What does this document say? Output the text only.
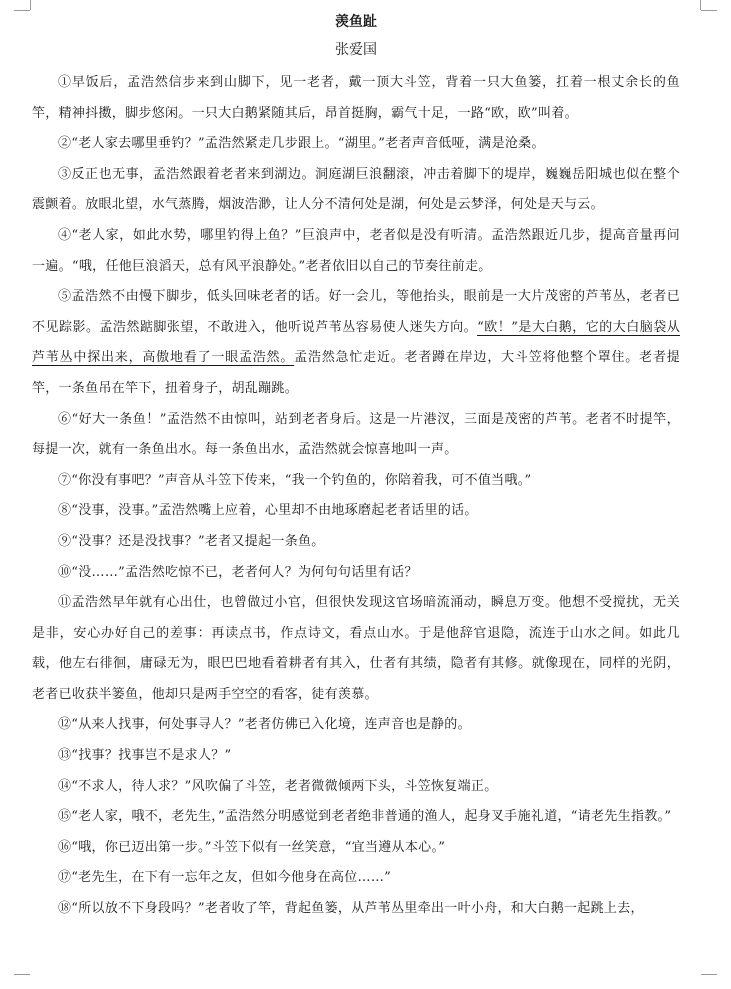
羡鱼趾
张爱国

①早饭后，孟浩然信步来到山脚下，见一老者，戴一顶大斗笠，背着一只大鱼篓，扛着一根丈余长的鱼竿，精神抖擞，脚步悠闲。一只大白鹅紧随其后，昂首挺胸，霸气十足，一路“欧，欧”叫着。

②“老人家去哪里垂钓？”孟浩然紧走几步跟上。“湖里。”老者声音低哑，满是沧桑。

③反正也无事，孟浩然跟着老者来到湖边。洞庭湖巨浪翻滚，冲击着脚下的堤岸，巍巍岳阳城也似在整个震颤着。放眼北望，水气蒸腾，烟波浩渺，让人分不清何处是湖，何处是云梦泽，何处是天与云。

④“老人家，如此水势，哪里钓得上鱼？”巨浪声中，老者似是没有听清。孟浩然跟近几步，提高音量再问一遍。“哦，任他巨浪滔天，总有风平浪静处。”老者依旧以自己的节奏往前走。

⑤孟浩然不由慢下脚步，低头回味老者的话。好一会儿，等他抬头，眼前是一大片茂密的芦苇丛，老者已不见踪影。孟浩然踮脚张望，不敢进入，他听说芦苇丛容易使人迷失方向。“欧！”是大白鹅，它的大白脑袋从芦苇丛中探出来，高傲地看了一眼孟浩然。孟浩然急忙走近。老者蹲在岸边，大斗笠将他整个罩住。老者提竿，一条鱼吊在竿下，扭着身子，胡乱蹦跳。

⑥“好大一条鱼！”孟浩然不由惊叫，站到老者身后。这是一片港汊，三面是茂密的芦苇。老者不时提竿，每提一次，就有一条鱼出水。每一条鱼出水，孟浩然就会惊喜地叫一声。

⑦“你没有事吧？”声音从斗笠下传来，“我一个钓鱼的，你陪着我，可不值当哦。”

⑧“没事，没事。”孟浩然嘴上应着，心里却不由地琢磨起老者话里的话。

⑨“没事？还是没找事？”老者又提起一条鱼。

⑩“没……”孟浩然吃惊不已，老者何人？为何句句话里有话？

⑪孟浩然早年就有心出仕，也曾做过小官，但很快发现这官场暗流涌动，瞬息万变。他想不受搅扰，无关是非，安心办好自己的差事：再读点书，作点诗文，看点山水。于是他辞官退隐，流连于山水之间。如此几载，他左右徘徊，庸碌无为，眼巴巴地看着耕者有其入，仕者有其绩，隐者有其修。就像现在，同样的光阴，老者已收获半篓鱼，他却只是两手空空的看客，徒有羡慕。

⑫“从来人找事，何处事寻人？”老者仿佛已入化境，连声音也是静的。

⑬“找事？找事岂不是求人？”

⑭“不求人，待人求？”风吹偏了斗笠，老者微微倾两下头，斗笠恢复端正。

⑮“老人家，哦不，老先生，”孟浩然分明感觉到老者绝非普通的渔人，起身叉手施礼道，“请老先生指教。”

⑯“哦，你已迈出第一步。”斗笠下似有一丝笑意，“宜当遵从本心。”

⑰“老先生，在下有一忘年之友，但如今他身在高位……”

⑱“所以放不下身段吗？”老者收了竿，背起鱼篓，从芦苇丛里牵出一叶小舟，和大白鹅一起跳上去，
